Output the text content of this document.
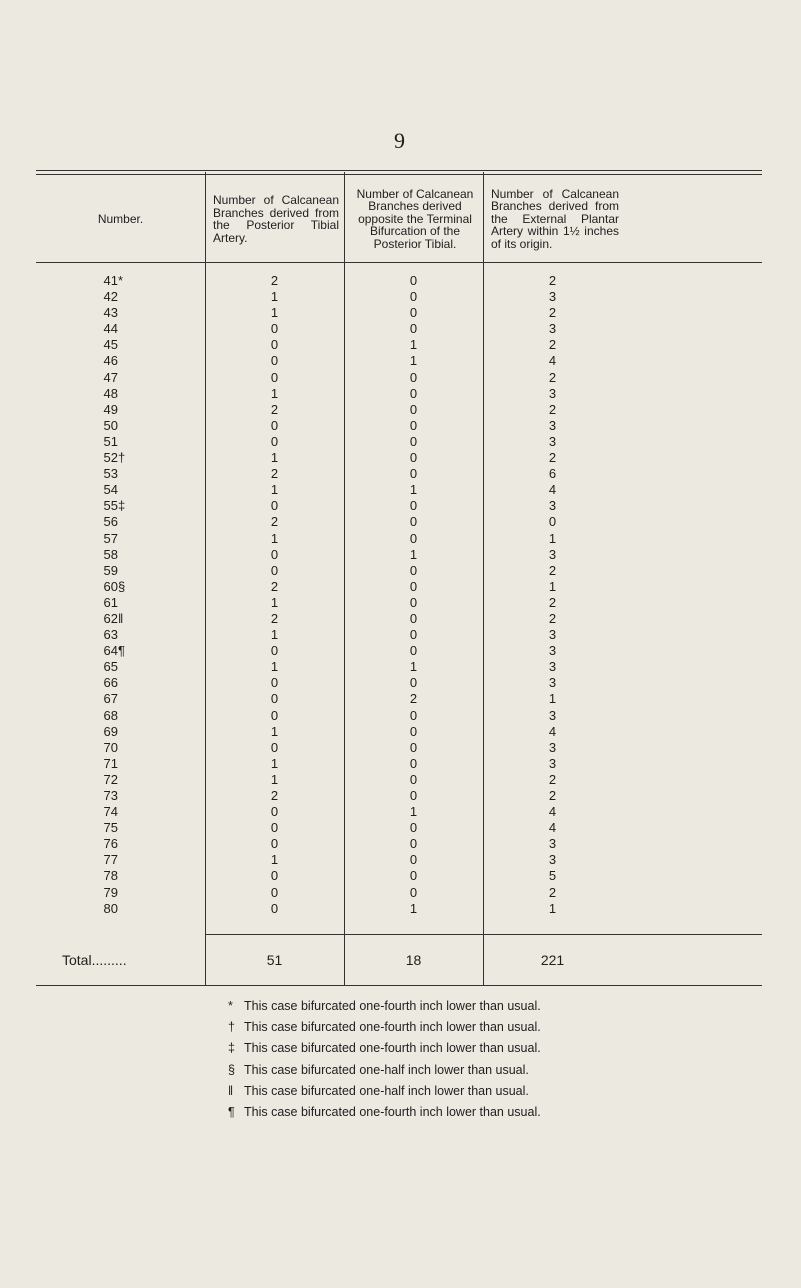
9
Number.
Number of Calcanean Branches derived from the Posterior Tibial Artery.
Number of Calcanean Branches derived opposite the Terminal Bifurcation of the Posterior Tibial.
Number of Calcanean Branches derived from the External Plantar Artery within 1½ inches of its origin.
41*	2	0	2
42	1	0	3
43	1	0	2
44	0	0	3
45	0	1	2
46	0	1	4
47	0	0	2
48	1	0	3
49	2	0	2
50	0	0	3
51	0	0	3
52†	1	0	2
53	2	0	6
54	1	1	4
55‡	0	0	3
56	2	0	0
57	1	0	1
58	0	1	3
59	0	0	2
60§	2	0	1
61	1	0	2
62‖	2	0	2
63	1	0	3
64¶	0	0	3
65	1	1	3
66	0	0	3
67	0	2	1
68	0	0	3
69	1	0	4
70	0	0	3
71	1	0	3
72	1	0	2
73	2	0	2
74	0	1	4
75	0	0	4
76	0	0	3
77	1	0	3
78	0	0	5
79	0	0	2
80	0	1	1
Total.........	51	18	221
* This case bifurcated one-fourth inch lower than usual.
† This case bifurcated one-fourth inch lower than usual.
‡ This case bifurcated one-fourth inch lower than usual.
§ This case bifurcated one-half inch lower than usual.
‖ This case bifurcated one-half inch lower than usual.
¶ This case bifurcated one-fourth inch lower than usual.
